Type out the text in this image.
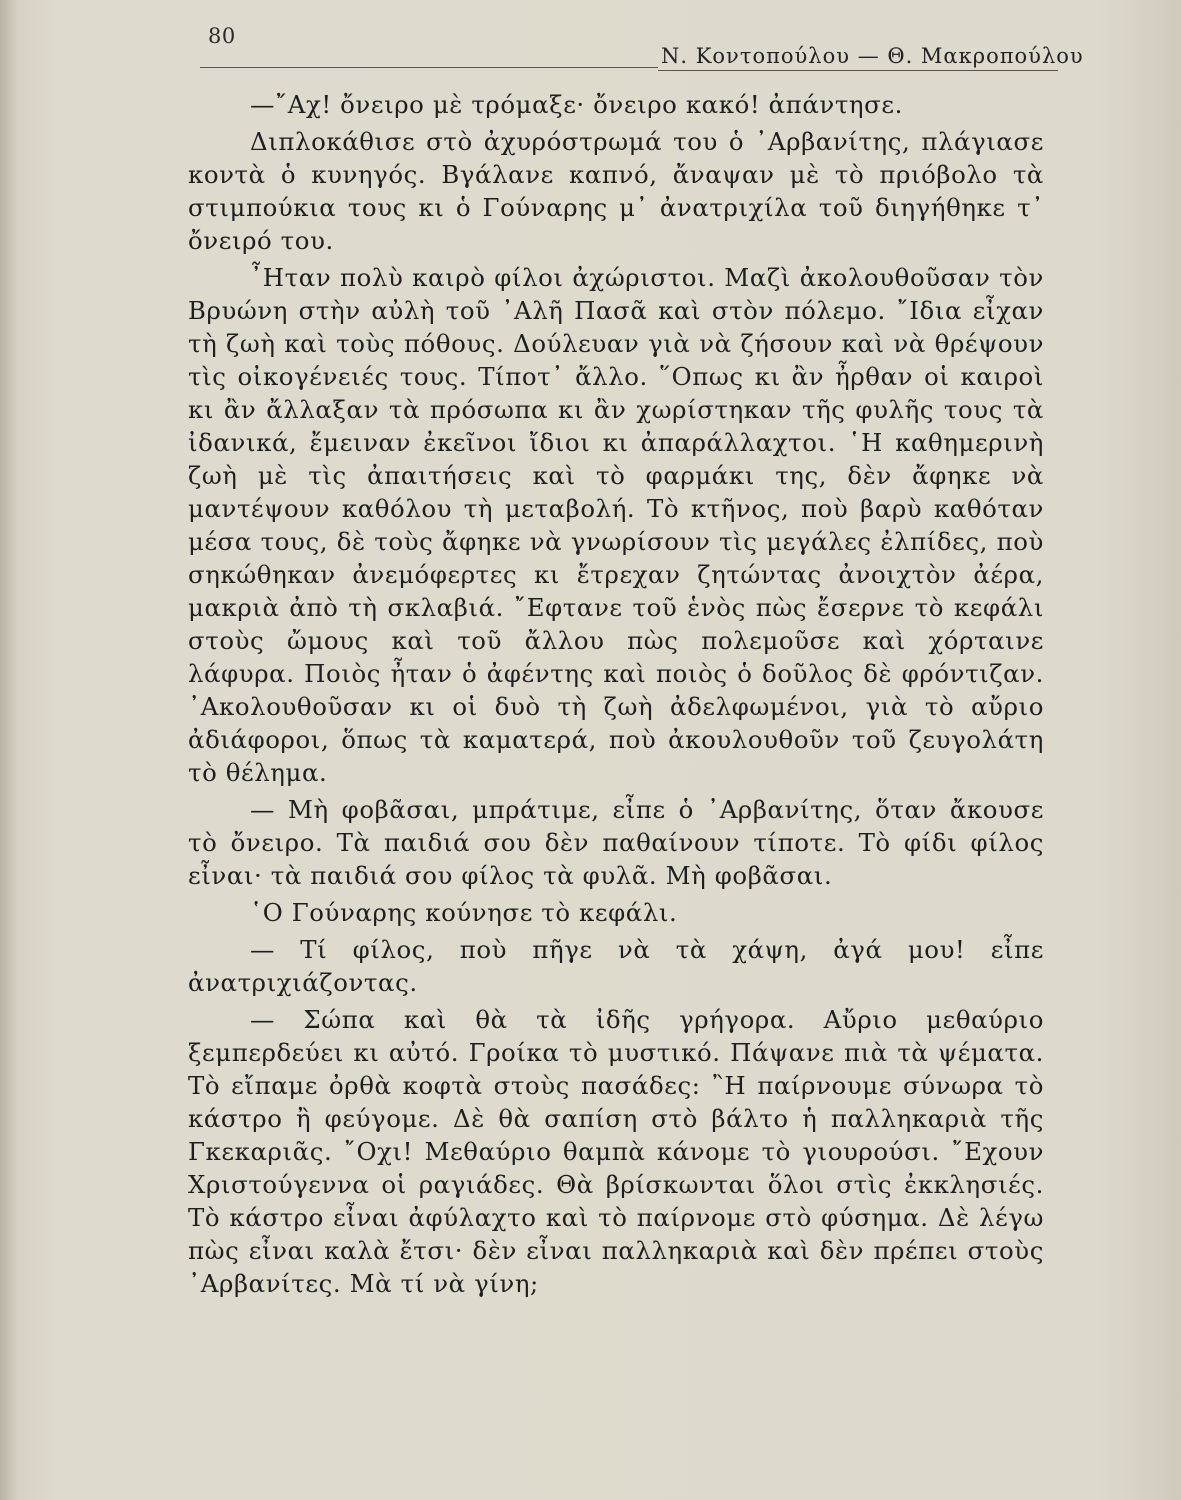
80
Ν. Κοντοπούλου — Θ. Μακροπούλου

—῎Αχ! ὄνειρο μὲ τρόμαξε· ὄνειρο κακό! ἀπάντησε.

Διπλοκάθισε στὸ ἀχυρόστρωμά του ὁ ᾿Αρβανίτης, πλάγιασε κοντὰ ὁ κυνηγός. Βγάλανε καπνό, ἄναψαν μὲ τὸ πριόβολο τὰ στιμπούκια τους κι ὁ Γούναρης μ᾿ ἀνατριχίλα τοῦ διηγήθηκε τ᾿ ὄνειρό του.

῏Ηταν πολὺ καιρὸ φίλοι ἀχώριστοι. Μαζὶ ἀκολουθοῦσαν τὸν Βρυώνη στὴν αὐλὴ τοῦ ᾿Αλῆ Πασᾶ καὶ στὸν πόλεμο. ῎Ιδια εἶχαν τὴ ζωὴ καὶ τοὺς πόθους. Δούλευαν γιὰ νὰ ζήσουν καὶ νὰ θρέψουν τὶς οἰκογένειές τους. Τίποτ᾿ ἄλλο. ῞Οπως κι ἂν ἦρθαν οἱ καιροὶ κι ἂν ἄλλαξαν τὰ πρόσωπα κι ἂν χωρίστηκαν τῆς φυλῆς τους τὰ ἰδανικά, ἔμειναν ἐκεῖνοι ἴδιοι κι ἀπαράλλαχτοι. ῾Η καθημερινὴ ζωὴ μὲ τὶς ἀπαιτήσεις καὶ τὸ φαρμάκι της, δὲν ἄφηκε νὰ μαντέψουν καθόλου τὴ μεταβολή. Τὸ κτῆνος, ποὺ βαρὺ καθόταν μέσα τους, δὲ τοὺς ἄφηκε νὰ γνωρίσουν τὶς μεγάλες ἐλπίδες, ποὺ σηκώθηκαν ἀνεμόφερτες κι ἔτρεχαν ζητώντας ἀνοιχτὸν ἀέρα, μακριὰ ἀπὸ τὴ σκλαβιά. ῎Εφτανε τοῦ ἑνὸς πὼς ἔσερνε τὸ κεφάλι στοὺς ὤμους καὶ τοῦ ἄλλου πὼς πολεμοῦσε καὶ χόρταινε λάφυρα. Ποιὸς ἦταν ὁ ἀφέντης καὶ ποιὸς ὁ δοῦλος δὲ φρόντιζαν. ᾿Ακολουθοῦσαν κι οἱ δυὸ τὴ ζωὴ ἀδελφωμένοι, γιὰ τὸ αὔριο ἀδιάφοροι, ὅπως τὰ καματερά, ποὺ ἀκουλουθοῦν τοῦ ζευγολάτη τὸ θέλημα.

— Μὴ φοβᾶσαι, μπράτιμε, εἶπε ὁ ᾿Αρβανίτης, ὅταν ἄκουσε τὸ ὄνειρο. Τὰ παιδιά σου δὲν παθαίνουν τίποτε. Τὸ φίδι φίλος εἶναι· τὰ παιδιά σου φίλος τὰ φυλᾶ. Μὴ φοβᾶσαι.

῾Ο Γούναρης κούνησε τὸ κεφάλι.

— Τί φίλος, ποὺ πῆγε νὰ τὰ χάψη, ἀγά μου! εἶπε ἀνατριχιάζοντας.

— Σώπα καὶ θὰ τὰ ἰδῆς γρήγορα. Αὔριο μεθαύριο ξεμπερδεύει κι αὐτό. Γροίκα τὸ μυστικό. Πάψανε πιὰ τὰ ψέματα. Τὸ εἴπαμε ὀρθὰ κοφτὰ στοὺς πασάδες: ῍Η παίρνουμε σύνωρα τὸ κάστρο ἢ φεύγομε. Δὲ θὰ σαπίση στὸ βάλτο ἡ παλληκαριὰ τῆς Γκεκαριᾶς. ῎Οχι! Μεθαύριο θαμπὰ κάνομε τὸ γιουρούσι. ῎Εχουν Χριστούγεννα οἱ ραγιάδες. Θὰ βρίσκωνται ὅλοι στὶς ἐκκλησιές. Τὸ κάστρο εἶναι ἀφύλαχτο καὶ τὸ παίρνομε στὸ φύσημα. Δὲ λέγω πὼς εἶναι καλὰ ἔτσι· δὲν εἶναι παλληκαριὰ καὶ δὲν πρέπει στοὺς ᾿Αρβανίτες. Μὰ τί νὰ γίνη;
